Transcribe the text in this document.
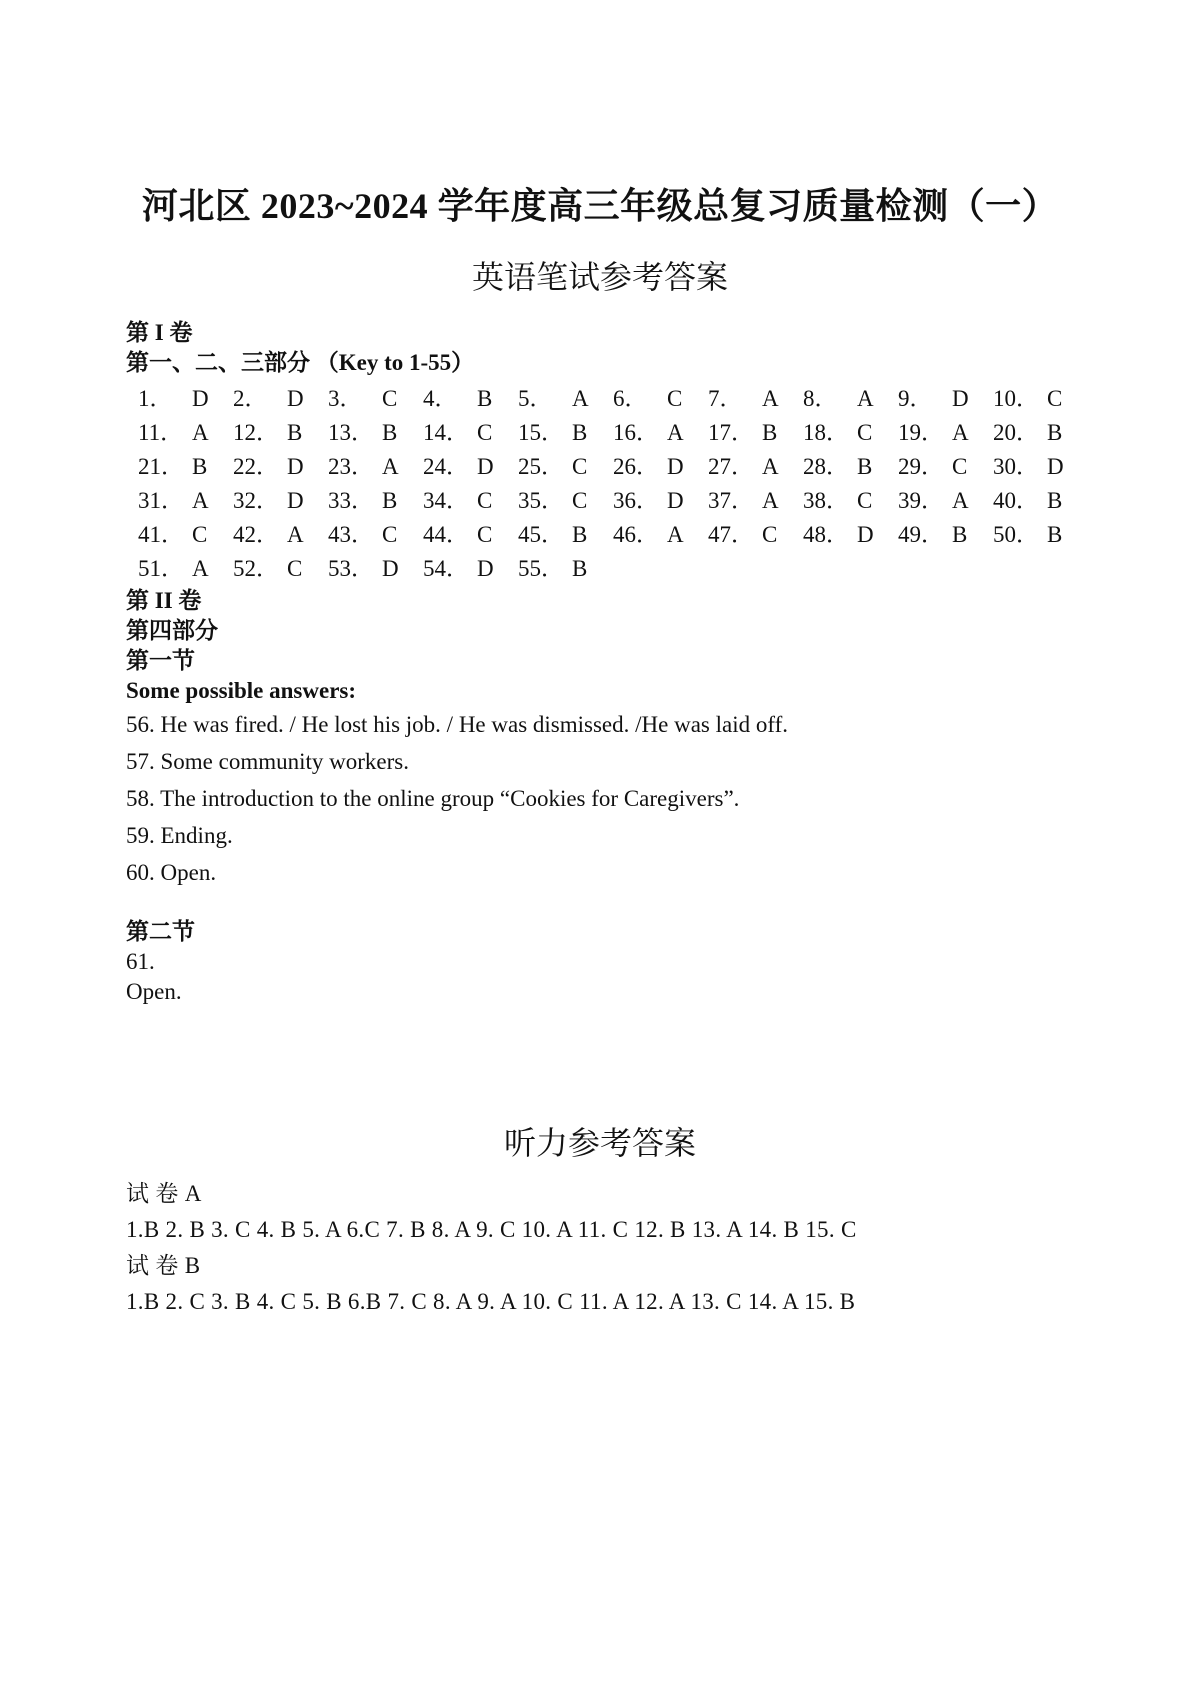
河北区 2023~2024 学年度高三年级总复习质量检测（一）
英语笔试参考答案
第 I 卷
第一、二、三部分 （Key to 1-55）
1． D	2． D	3． C	4． B	5． A	6． C	7． A	8． A	9． D	10． C
11． A	12． B	13． B	14． C	15． B	16． A	17． B	18． C	19． A	20． B
21． B	22． D	23． A	24． D	25． C	26． D	27． A	28． B	29． C	30． D
31． A	32． D	33． B	34． C	35． C	36． D	37． A	38． C	39． A	40． B
41． C	42． A	43． C	44． C	45． B	46． A	47． C	48． D	49． B	50． B
51． A	52． C	53． D	54． D	55． B
第 II 卷
第四部分
第一节
Some possible answers:
56. He was fired. / He lost his job. / He was dismissed. /He was laid off.
57. Some community workers.
58. The introduction to the online group “Cookies for Caregivers”.
59. Ending.
60. Open.
第二节
61.
Open.
听力参考答案
试 卷 A
1.B 2. B 3. C 4. B 5. A 6.C 7. B 8. A 9. C 10. A 11. C 12. B 13. A 14. B 15. C
试 卷 B
1.B 2. C 3. B 4. C 5. B 6.B 7. C 8. A 9. A 10. C 11. A 12. A 13. C 14. A 15. B
